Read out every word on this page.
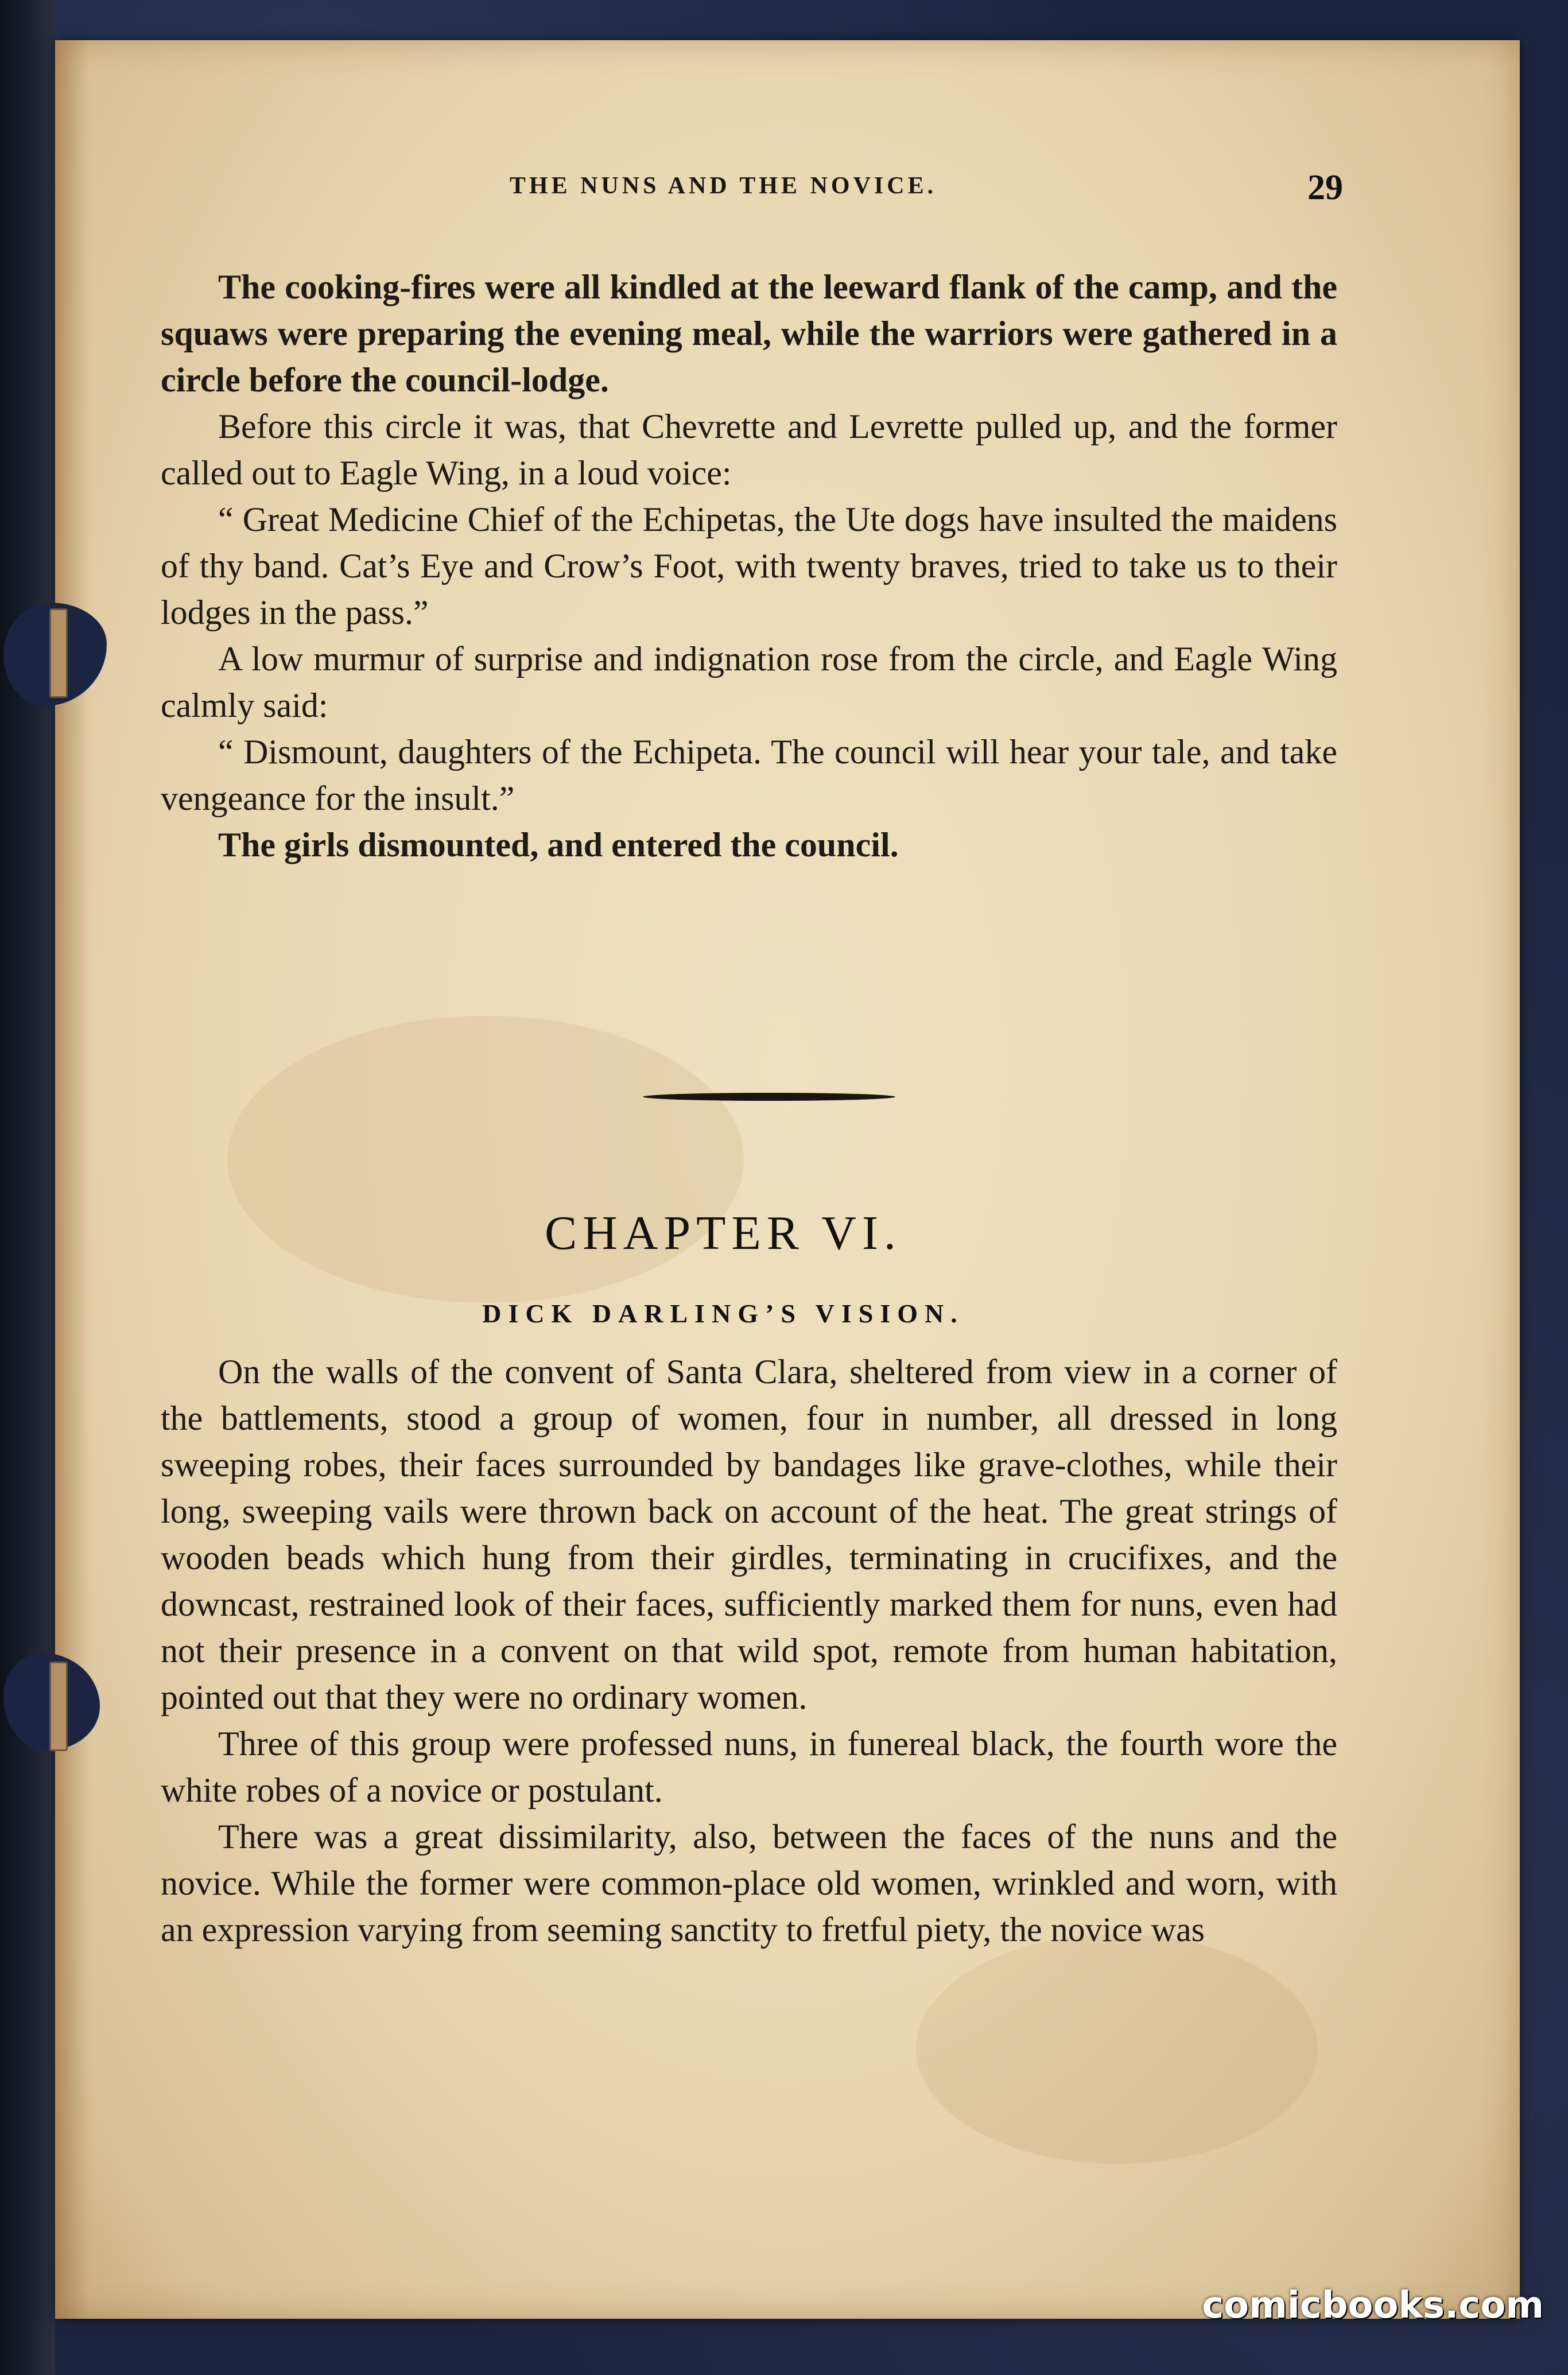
THE NUNS AND THE NOVICE.	29

The cooking-fires were all kindled at the leeward flank of the camp, and the squaws were preparing the evening meal, while the warriors were gathered in a circle before the council-lodge.

Before this circle it was, that Chevrette and Levrette pulled up, and the former called out to Eagle Wing, in a loud voice:

“ Great Medicine Chief of the Echipetas, the Ute dogs have insulted the maidens of thy band. Cat’s Eye and Crow’s Foot, with twenty braves, tried to take us to their lodges in the pass.”

A low murmur of surprise and indignation rose from the circle, and Eagle Wing calmly said:

“ Dismount, daughters of the Echipeta. The council will hear your tale, and take vengeance for the insult.”

The girls dismounted, and entered the council.

CHAPTER VI.
DICK DARLING’S VISION.

On the walls of the convent of Santa Clara, sheltered from view in a corner of the battlements, stood a group of women, four in number, all dressed in long sweeping robes, their faces surrounded by bandages like grave-clothes, while their long, sweeping vails were thrown back on account of the heat. The great strings of wooden beads which hung from their girdles, terminating in crucifixes, and the downcast, restrained look of their faces, sufficiently marked them for nuns, even had not their presence in a convent on that wild spot, remote from human habitation, pointed out that they were no ordinary women.

Three of this group were professed nuns, in funereal black, the fourth wore the white robes of a novice or postulant.

There was a great dissimilarity, also, between the faces of the nuns and the novice. While the former were common-place old women, wrinkled and worn, with an expression varying from seeming sanctity to fretful piety, the novice was

comicbooks.com
